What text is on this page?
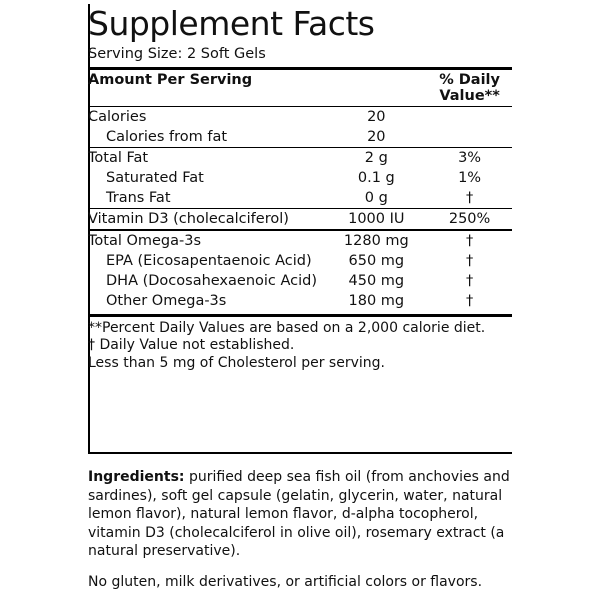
Supplement Facts
Serving Size: 2 Soft Gels
Amount Per Serving		% Daily Value**
Calories	20	
Calories from fat	20	
Total Fat	2 g	3%
Saturated Fat	0.1 g	1%
Trans Fat	0 g	†
Vitamin D3 (cholecalciferol)	1000 IU	250%
Total Omega-3s	1280 mg	†
EPA (Eicosapentaenoic Acid)	650 mg	†
DHA (Docosahexaenoic Acid)	450 mg	†
Other Omega-3s	180 mg	†
**Percent Daily Values are based on a 2,000 calorie diet.
† Daily Value not established.
Less than 5 mg of Cholesterol per serving.

Ingredients: purified deep sea fish oil (from anchovies and sardines), soft gel capsule (gelatin, glycerin, water, natural lemon flavor), natural lemon flavor, d-alpha tocopherol, vitamin D3 (cholecalciferol in olive oil), rosemary extract (a natural preservative).

No gluten, milk derivatives, or artificial colors or flavors.
